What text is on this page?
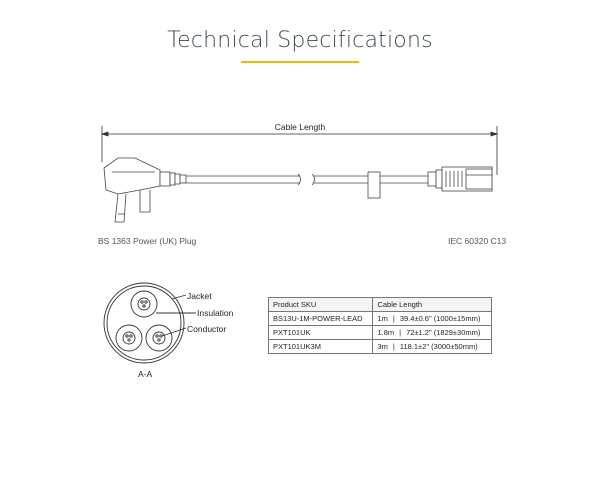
Technical Specifications
Cable Length
BS 1363 Power (UK) Plug	IEC 60320 C13
Jacket
Insulation
Conductor
A-A
Product SKU	Cable Length
BS13U-1M-POWER-LEAD	1m | 39.4±0.6" (1000±15mm)
PXT101UK	1.8m | 72±1.2" (1829±30mm)
PXT101UK3M	3m | 118.1±2" (3000±50mm)
